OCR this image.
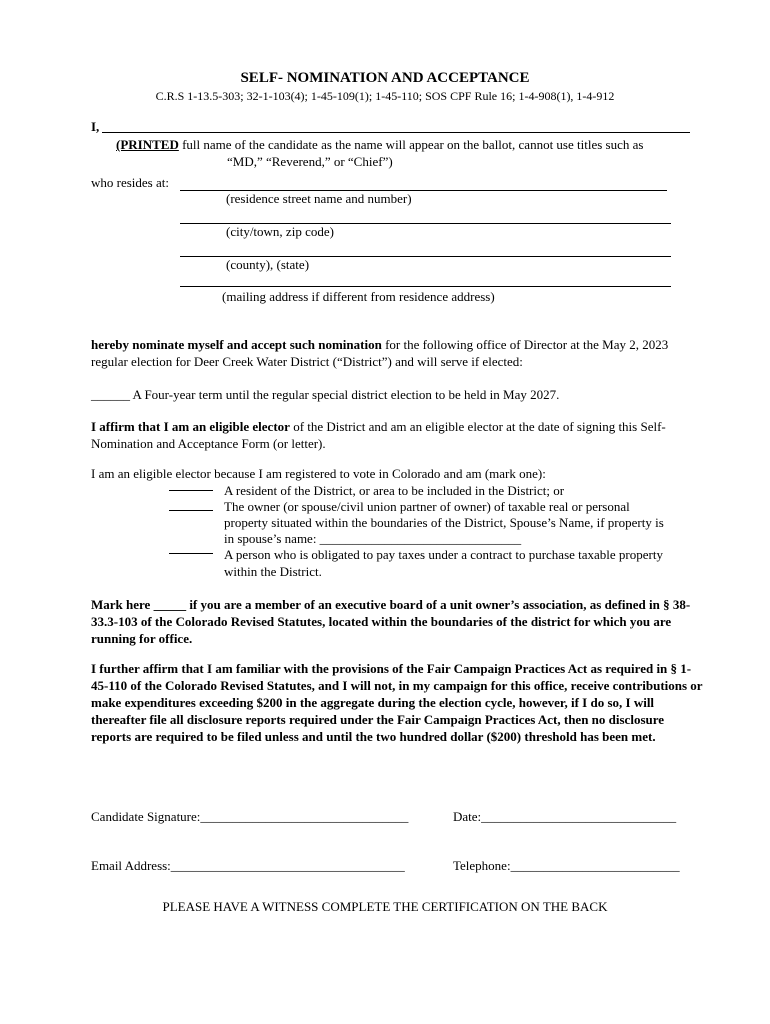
SELF- NOMINATION AND ACCEPTANCE
C.R.S 1-13.5-303; 32-1-103(4); 1-45-109(1); 1-45-110; SOS CPF Rule 16; 1-4-908(1), 1-4-912
I,
(PRINTED full name of the candidate as the name will appear on the ballot, cannot use titles such as
“MD,” “Reverend,” or “Chief”)
who resides at:
(residence street name and number)
(city/town, zip code)
(county), (state)
(mailing address if different from residence address)
hereby nominate myself and accept such nomination for the following office of Director at the May 2, 2023 regular election for Deer Creek Water District (“District”) and will serve if elected:
______ A Four-year term until the regular special district election to be held in May 2027.
I affirm that I am an eligible elector of the District and am an eligible elector at the date of signing this Self-Nomination and Acceptance Form (or letter).
I am an eligible elector because I am registered to vote in Colorado and am (mark one):
A resident of the District, or area to be included in the District; or
The owner (or spouse/civil union partner of owner) of taxable real or personal
property situated within the boundaries of the District, Spouse’s Name, if property is
in spouse’s name: _______________________________
A person who is obligated to pay taxes under a contract to purchase taxable property
within the District.
Mark here _____ if you are a member of an executive board of a unit owner’s association, as defined in § 38-33.3-103 of the Colorado Revised Statutes, located within the boundaries of the district for which you are running for office.
I further affirm that I am familiar with the provisions of the Fair Campaign Practices Act as required in § 1- 45-110 of the Colorado Revised Statutes, and I will not, in my campaign for this office, receive contributions or make expenditures exceeding $200 in the aggregate during the election cycle, however, if I do so, I will thereafter file all disclosure reports required under the Fair Campaign Practices Act, then no disclosure reports are required to be filed unless and until the two hundred dollar ($200) threshold has been met.
Candidate Signature:________________________________	Date:______________________________
Email Address:____________________________________	Telephone:__________________________
PLEASE HAVE A WITNESS COMPLETE THE CERTIFICATION ON THE BACK
